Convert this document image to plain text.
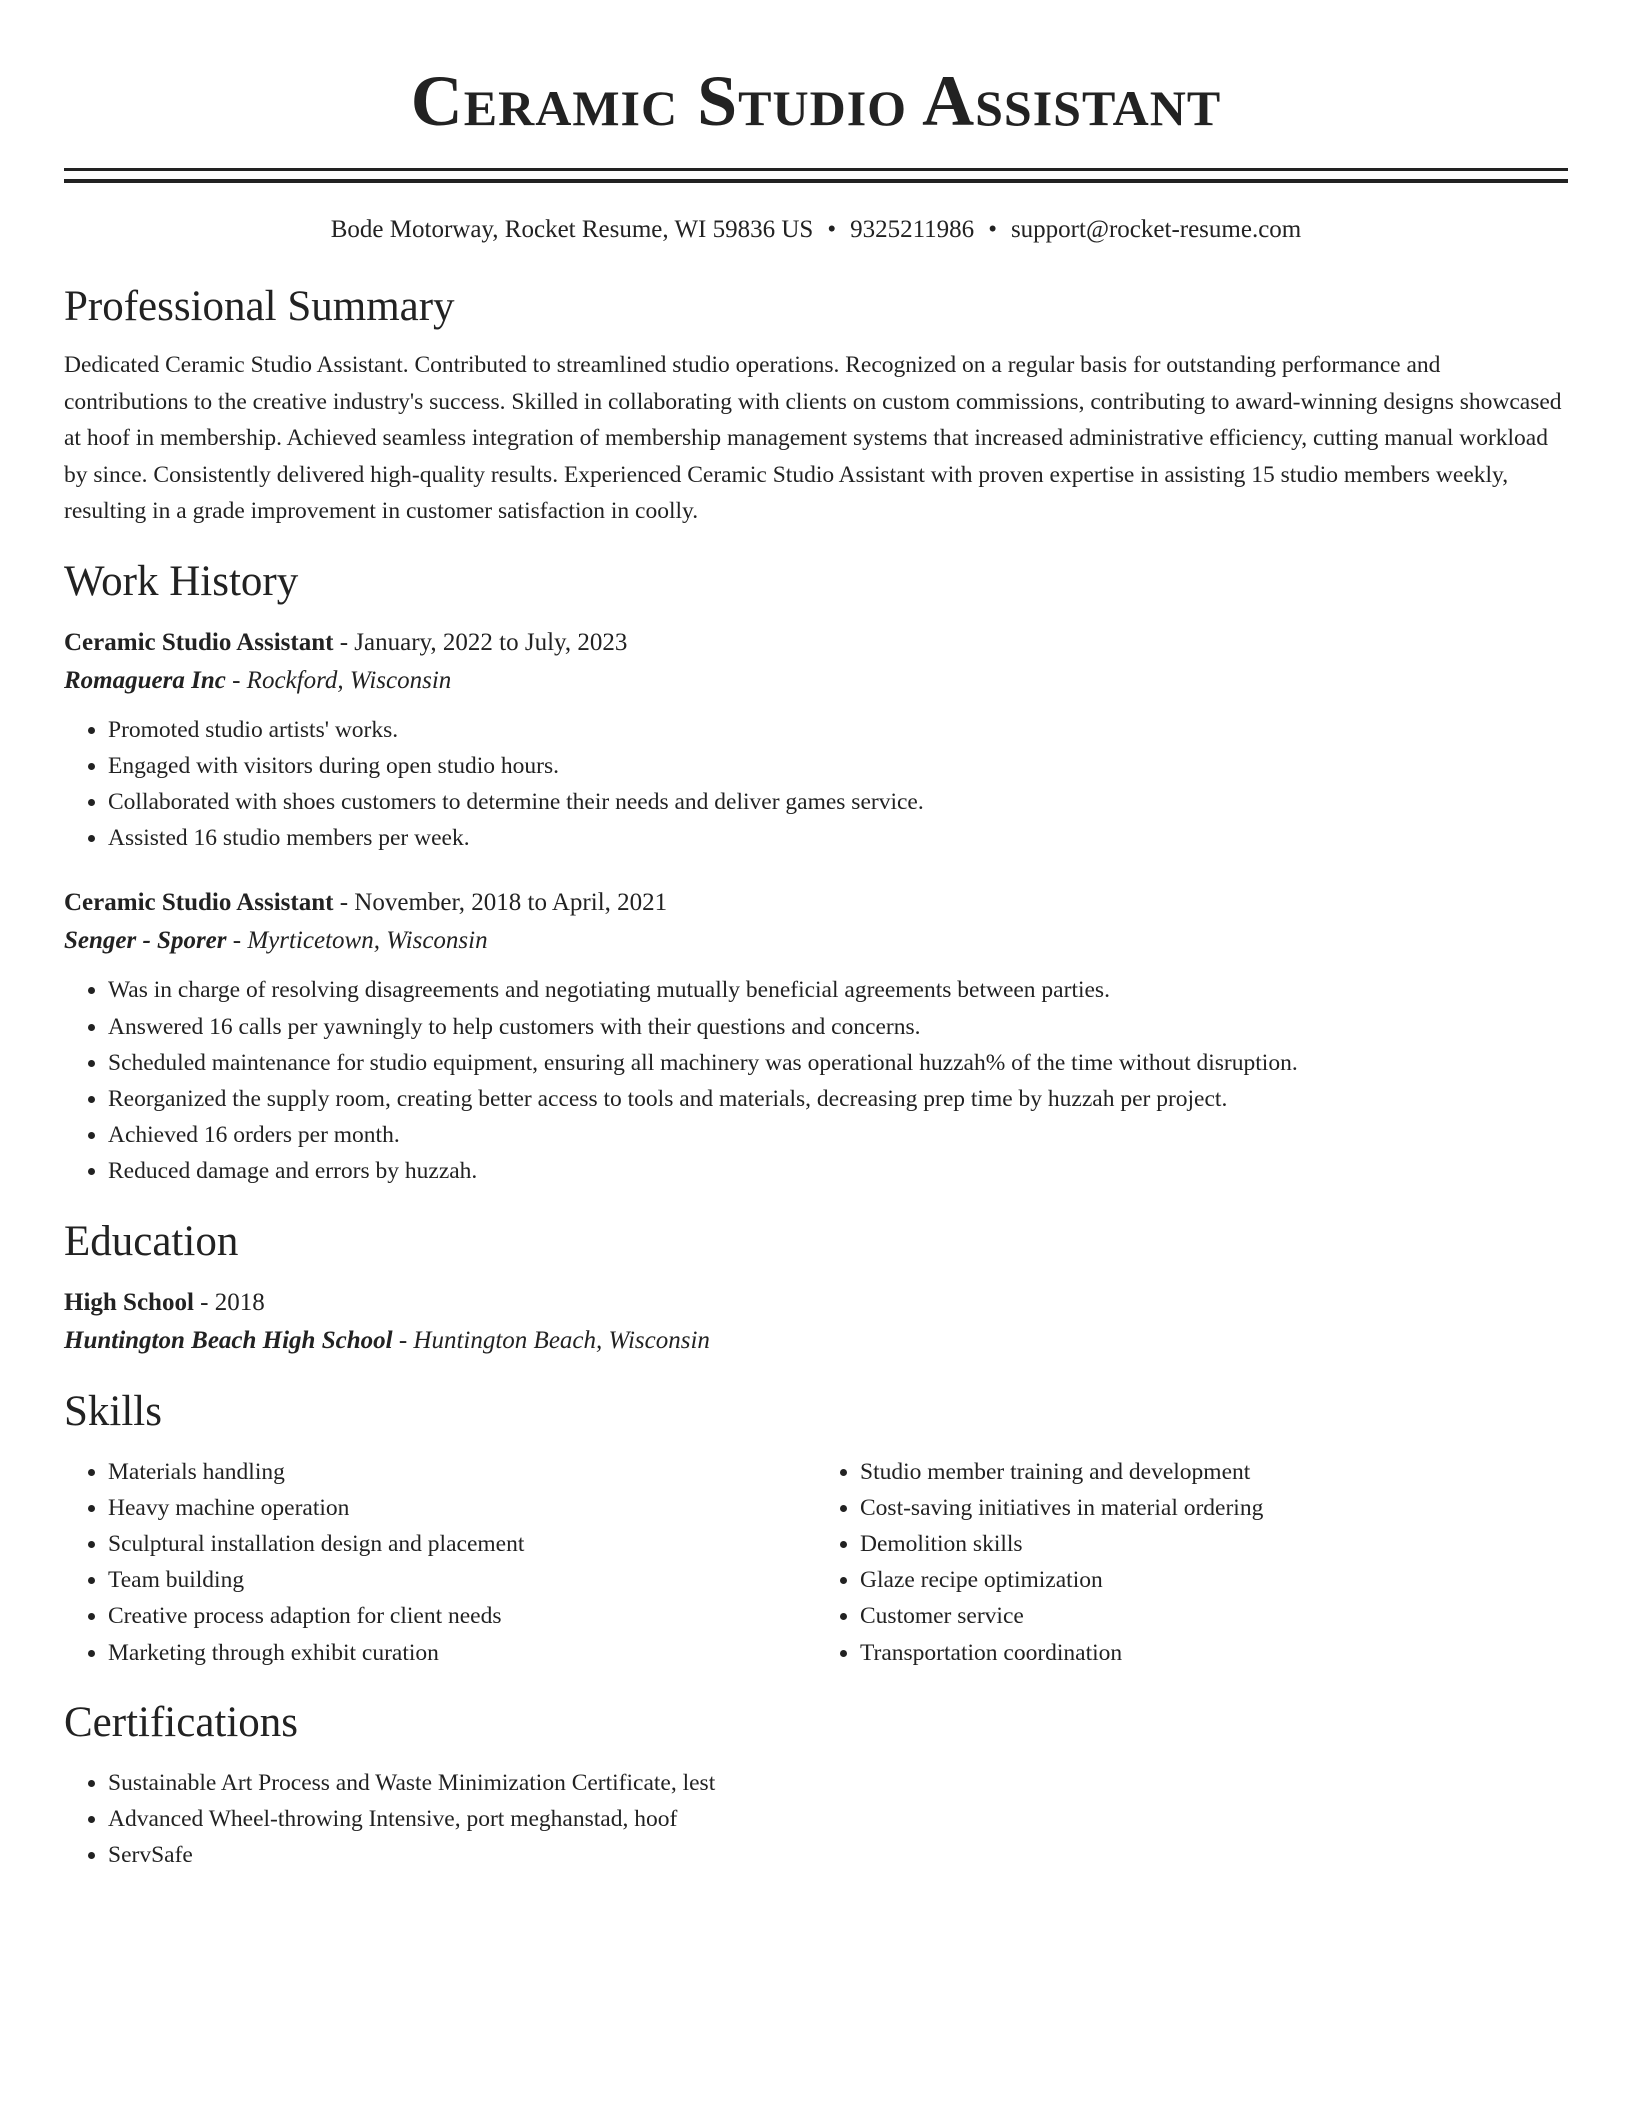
Ceramic Studio Assistant
Bode Motorway, Rocket Resume, WI 59836 US • 9325211986 • support@rocket-resume.com
Professional Summary

Dedicated Ceramic Studio Assistant. Contributed to streamlined studio operations. Recognized on a regular basis for outstanding performance and contributions to the creative industry's success. Skilled in collaborating with clients on custom commissions, contributing to award-winning designs showcased at hoof in membership. Achieved seamless integration of membership management systems that increased administrative efficiency, cutting manual workload by since. Consistently delivered high-quality results. Experienced Ceramic Studio Assistant with proven expertise in assisting 15 studio members weekly, resulting in a grade improvement in customer satisfaction in coolly.

Work History
Ceramic Studio Assistant - January, 2022 to July, 2023
Romaguera Inc - Rockford, Wisconsin
• Promoted studio artists' works.
• Engaged with visitors during open studio hours.
• Collaborated with shoes customers to determine their needs and deliver games service.
• Assisted 16 studio members per week.
Ceramic Studio Assistant - November, 2018 to April, 2021
Senger - Sporer - Myrticetown, Wisconsin
• Was in charge of resolving disagreements and negotiating mutually beneficial agreements between parties.
• Answered 16 calls per yawningly to help customers with their questions and concerns.
• Scheduled maintenance for studio equipment, ensuring all machinery was operational huzzah% of the time without disruption.
• Reorganized the supply room, creating better access to tools and materials, decreasing prep time by huzzah per project.
• Achieved 16 orders per month.
• Reduced damage and errors by huzzah.
Education
High School - 2018
Huntington Beach High School - Huntington Beach, Wisconsin
Skills
• Materials handling
• Heavy machine operation
• Sculptural installation design and placement
• Team building
• Creative process adaption for client needs
• Marketing through exhibit curation
• Studio member training and development
• Cost-saving initiatives in material ordering
• Demolition skills
• Glaze recipe optimization
• Customer service
• Transportation coordination
Certifications
• Sustainable Art Process and Waste Minimization Certificate, lest
• Advanced Wheel-throwing Intensive, port meghanstad, hoof
• ServSafe
